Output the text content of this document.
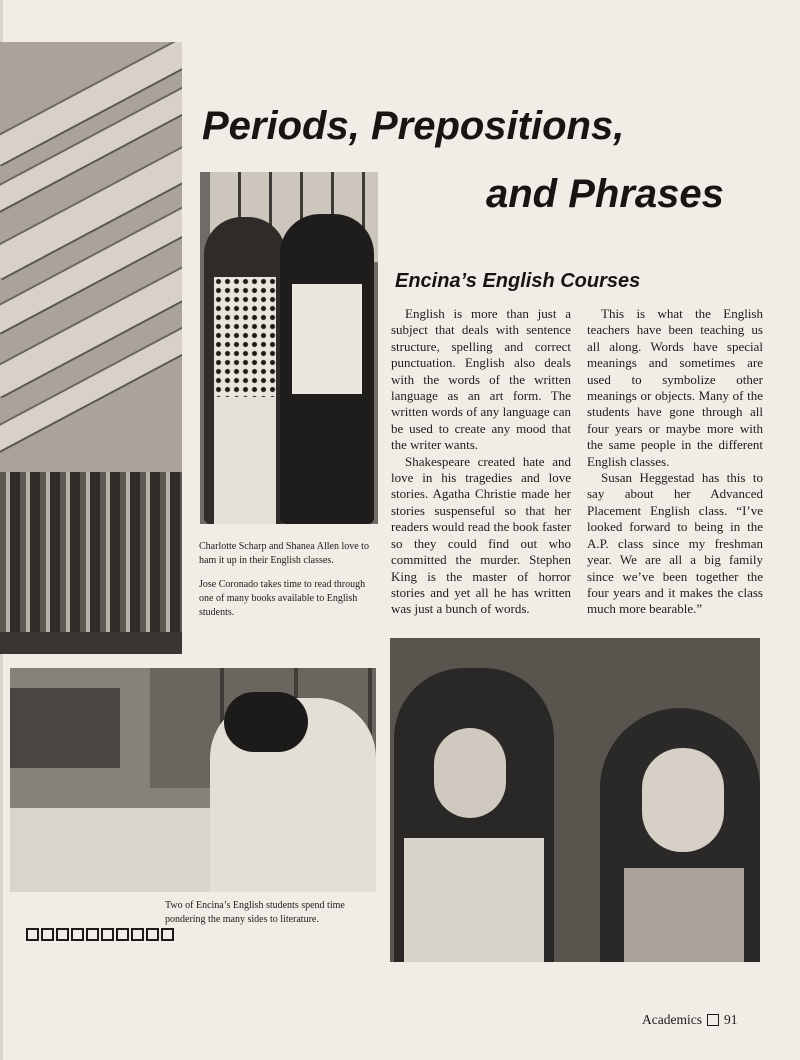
Periods, Prepositions,
and Phrases
Encina’s English Courses

English is more than just a subject that deals with sentence structure, spelling and correct punctuation. English also deals with the words of the written language as an art form. The written words of any language can be used to create any mood that the writer wants.

Shakespeare created hate and love in his tragedies and love stories. Agatha Christie made her stories suspenseful so that her readers would read the book faster so they could find out who committed the murder. Stephen King is the master of horror stories and yet all he has written was just a bunch of words.

This is what the English teachers have been teaching us all along. Words have special meanings and sometimes are used to symbolize other meanings or objects. Many of the students have gone through all four years or maybe more with the same people in the different English classes.

Susan Heggestad has this to say about her Advanced Placement English class. “I’ve looked forward to being in the A.P. class since my freshman year. We are all a big family since we’ve been together the four years and it makes the class much more bearable.”

Charlotte Scharp and Shanea Allen love to ham it up in their English classes.

Jose Coronado takes time to read through one of many books available to English students.

Two of Encina’s English students spend time pondering the many sides to literature.
Academics 91
